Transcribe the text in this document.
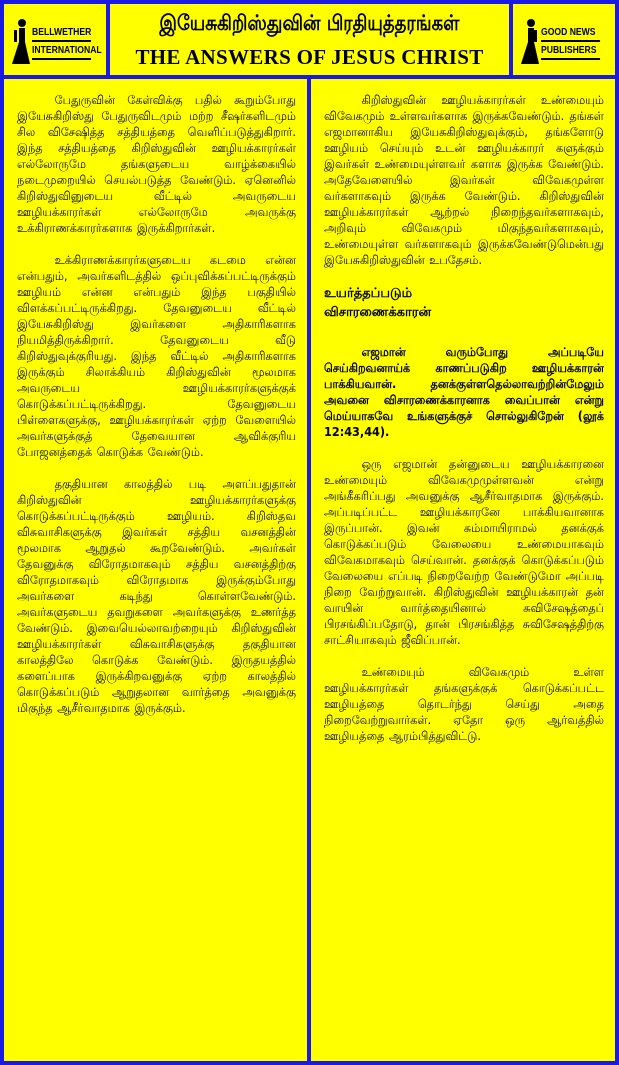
BELLWETHER
INTERNATIONAL
இயேசுகிறிஸ்துவின் பிரதியுத்தரங்கள்
THE ANSWERS OF JESUS CHRIST
GOOD NEWS
PUBLISHERS

பேதுருவின் கேள்விக்கு பதில் கூறும்போது இயேசுகிறிஸ்து பேதுருவிடமும் மற்ற சீஷர்களிடமும் சில விசேஷித்த சத்தியத்தை வெளிப்படுத்துகிறார். இந்த சத்தியத்தை கிறிஸ்துவின் ஊழியக்காரர்கள் எல்லோருமே தங்களுடைய வாழ்க்கையில் நடைமுறையில் செயல்படுத்த வேண்டும். ஏனெனில் கிறிஸ்துவினுடைய வீட்டில் அவருடைய ஊழியக்காரர்கள் எல்லோருமே அவருக்கு உக்கிராணக்காரர்களாக இருக்கிறார்கள்.

உக்கிராணக்காரர்களுடைய கடமை என்ன என்பதும், அவர்களிடத்தில் ஒப்புவிக்கப்பட்டிருக்கும் ஊழியம் என்ன என்பதும் இந்த பகுதியில் விளக்கப்பட்டிருக்கிறது. தேவனுடைய வீட்டில் இயேசுகிறிஸ்து இவர்களை அதிகாரிகளாக நியமித்திருக்கிறார். தேவனுடைய வீடு கிறிஸ்துவுக்குரியது. இந்த வீட்டில் அதிகாரிகளாக இருக்கும் சிலாக்கியம் கிறிஸ்துவின் மூலமாக அவருடைய ஊழியக்காரர்களுக்குக் கொடுக்கப்பட்டிருக்கிறது. தேவனுடைய பிள்ளைகளுக்கு, ஊழியக்காரர்கள் ஏற்ற வேளையில் அவர்களுக்குத் தேவையான ஆவிக்குரிய போஜனத்தைக் கொடுக்க வேண்டும்.

தகுதியான காலத்தில் படி அளப்பதுதான் கிறிஸ்துவின் ஊழியக்காரர்களுக்கு கொடுக்கப்பட்டிருக்கும் ஊழியம். கிறிஸ்தவ விசுவாசிகளுக்கு இவர்கள் சத்திய வசனத்தின் மூலமாக ஆறுதல் கூறவேண்டும். அவர்கள் தேவனுக்கு விரோதமாகவும் சத்திய வசனத்திற்கு விரோதமாகவும் விரோதமாக இருக்கும்போது அவர்களை கடிந்து கொள்ளவேண்டும். அவர்களுடைய தவறுகளை அவர்களுக்கு உணர்த்த வேண்டும். இவையெல்லாவற்றையும் கிறிஸ்துவின் ஊழியக்காரர்கள் விசுவாசிகளுக்கு தகுதியான காலத்திலே கொடுக்க வேண்டும். இருதயத்தில் களைப்பாக இருக்கிறவனுக்கு ஏற்ற காலத்தில் கொடுக்கப்படும் ஆறுதலான வார்த்தை அவனுக்கு மிகுந்த ஆசீர்வாதமாக இருக்கும்.

கிறிஸ்துவின் ஊழியக்காரர்கள் உண்மையும் விவேகமும் உள்ளவர்களாக இருக்கவேண்டும். தங்கள் எஜமானாகிய இயேசுகிறிஸ்துவுக்கும், தங்களோடு ஊழியம் செய்யும் உடன் ஊழியக்காரர் களுக்கும் இவர்கள் உண்மையுள்ளவர் களாக இருக்க வேண்டும். அதேவேளையில் இவர்கள் விவேகமுள்ள வர்களாகவும் இருக்க வேண்டும். கிறிஸ்துவின் ஊழியக்காரர்கள் ஆற்றல் நிறைந்தவர்களாகவும், அறிவும் விவேகமும் மிகுந்தவர்களாகவும், உண்மையுள்ள வர்களாகவும் இருக்கவேண்டுமென்பது இயேசுகிறிஸ்துவின் உபதேசம்.

உயர்த்தப்படும்
விசாரணைக்காரன்

எஜமான் வரும்போது அப்படியே செய்கிறவனாய்க் காணப்படுகிற ஊழியக்காரன் பாக்கியவான். தனக்குள்ளதெல்லாவற்றின்மேலும் அவனை விசாரணைக்காரனாக வைப்பான் என்று மெய்யாகவே உங்களுக்குச் சொல்லுகிறேன் (லூக் 12:43,44).

ஒரு எஜமான் தன்னுடைய ஊழியக்காரனை உண்மையும் விவேகமுமுள்ளவன் என்று அங்கீகரிப்பது அவனுக்கு ஆசீர்வாதமாக இருக்கும். அப்படிப்பட்ட ஊழியக்காரனே பாக்கியவானாக இருப்பான். இவன் சும்மாயிராமல் தனக்குக் கொடுக்கப்படும் வேலையை உண்மையாகவும் விவேகமாகவும் செய்வான். தனக்குக் கொடுக்கப்படும் வேலையை எப்படி நிறைவேற்ற வேண்டுமோ அப்படி நிறை வேற்றுவான். கிறிஸ்துவின் ஊழியக்காரன் தன் வாயின் வார்த்தையினால் சுவிசேஷத்தைப் பிரசங்கிப்பதோடு, தான் பிரசங்கித்த சுவிசேஷத்திற்கு சாட்சியாகவும் ஜீவிப்பான்.

உண்மையும் விவேகமும் உள்ள ஊழியக்காரர்கள் தங்களுக்குக் கொடுக்கப்பட்ட ஊழியத்தை தொடர்ந்து செய்து அதை நிறைவேற்றுவார்கள். ஏதோ ஒரு ஆர்வத்தில் ஊழியத்தை ஆரம்பித்துவிட்டு.
